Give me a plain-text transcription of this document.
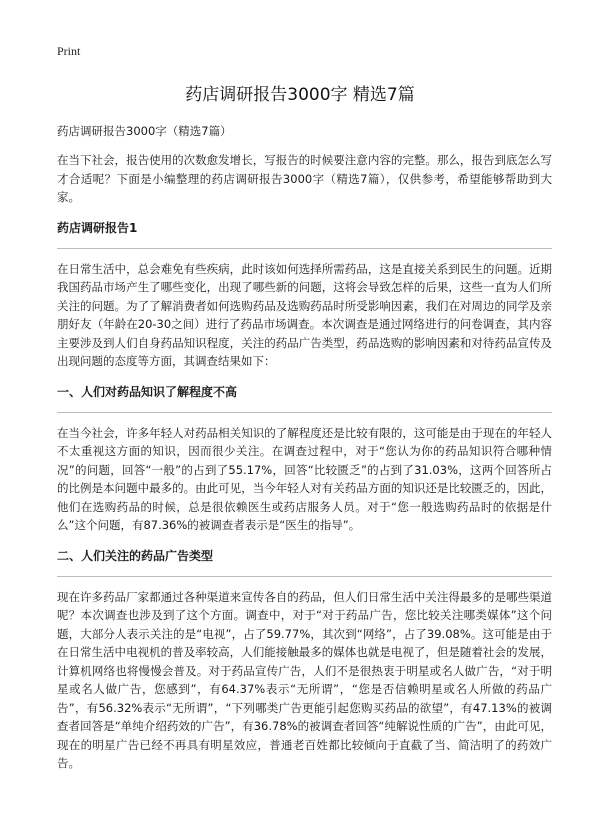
Print
药店调研报告3000字 精选7篇
药店调研报告3000字（精选7篇）

在当下社会，报告使用的次数愈发增长，写报告的时候要注意内容的完整。那么，报告到底怎么写才合适呢？下面是小编整理的药店调研报告3000字（精选7篇），仅供参考，希望能够帮助到大家。

药店调研报告1

在日常生活中，总会难免有些疾病，此时该如何选择所需药品，这是直接关系到民生的问题。近期我国药品市场产生了哪些变化，出现了哪些新的问题，这将会导致怎样的后果，这些一直为人们所关注的问题。为了了解消费者如何选购药品及选购药品时所受影响因素，我们在对周边的同学及亲朋好友（年龄在20-30之间）进行了药品市场调查。本次调查是通过网络进行的问卷调查，其内容主要涉及到人们自身药品知识程度，关注的药品广告类型，药品选购的影响因素和对待药品宣传及出现问题的态度等方面，其调查结果如下：

一、人们对药品知识了解程度不高

在当今社会，许多年轻人对药品相关知识的了解程度还是比较有限的，这可能是由于现在的年轻人不太重视这方面的知识，因而很少关注。在调查过程中，对于“您认为你的药品知识符合哪种情况”的问题，回答“一般”的占到了55.17%，回答“比较匮乏”的占到了31.03%，这两个回答所占的比例是本问题中最多的。由此可见，当今年轻人对有关药品方面的知识还是比较匮乏的，因此，他们在选购药品的时候，总是很依赖医生或药店服务人员。对于“您一般选购药品时的依据是什么”这个问题，有87.36%的被调查者表示是“医生的指导”。

二、人们关注的药品广告类型

现在许多药品厂家都通过各种渠道来宣传各自的药品，但人们日常生活中关注得最多的是哪些渠道呢？本次调查也涉及到了这个方面。调查中，对于“对于药品广告，您比较关注哪类媒体”这个问题，大部分人表示关注的是“电视”，占了59.77%，其次到“网络”，占了39.08%。这可能是由于在日常生活中电视机的普及率较高，人们能接触最多的媒体也就是电视了，但是随着社会的发展，计算机网络也将慢慢会普及。对于药品宣传广告，人们不是很热衷于明星或名人做广告，“对于明星或名人做广告，您感到”，有64.37%表示“无所谓”，“您是否信赖明星或名人所做的药品广告”，有56.32%表示“无所谓”，“下列哪类广告更能引起您购买药品的欲望”，有47.13%的被调查者回答是“单纯介绍药效的广告”，有36.78%的被调查者回答“纯解说性质的广告”，由此可见，现在的明星广告已经不再具有明星效应，普通老百姓都比较倾向于直截了当、简洁明了的药效广告。
